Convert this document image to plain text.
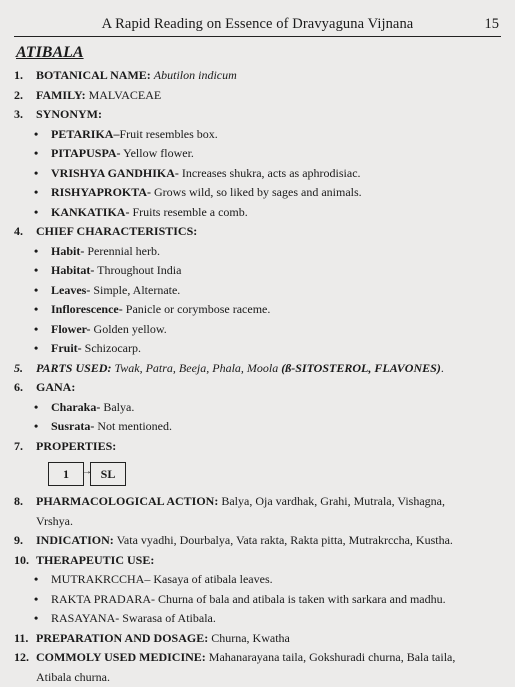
A Rapid Reading on Essence of Dravyaguna Vijnana	15
ATIBALA
1. BOTANICAL NAME: Abutilon indicum
2. FAMILY: MALVACEAE
3. SYNONYM:
• PETARIKA–Fruit resembles box.
• PITAPUSPA- Yellow flower.
• VRISHYA GANDHIKA- Increases shukra, acts as aphrodisiac.
• RISHYAPROKTA- Grows wild, so liked by sages and animals.
• KANKATIKA- Fruits resemble a comb.
4. CHIEF CHARACTERISTICS:
• Habit- Perennial herb.
• Habitat- Throughout India
• Leaves- Simple, Alternate.
• Inflorescence- Panicle or corymbose raceme.
• Flower- Golden yellow.
• Fruit- Schizocarp.
5. PARTS USED: Twak, Patra, Beeja, Phala, Moola (ß-SITOSTEROL, FLAVONES).
6. GANA:
• Charaka- Balya.
• Susrata- Not mentioned.
7. PROPERTIES:
1	→ SL
8. PHARMACOLOGICAL ACTION: Balya, Oja vardhak, Grahi, Mutrala, Vishagna,
Vrshya.
9. INDICATION: Vata vyadhi, Dourbalya, Vata rakta, Rakta pitta, Mutrakrccha, Kustha.
10. THERAPEUTIC USE:
• MUTRAKRCCHA– Kasaya of atibala leaves.
• RAKTA PRADARA- Churna of bala and atibala is taken with sarkara and madhu.
• RASAYANA- Swarasa of Atibala.
11. PREPARATION AND DOSAGE: Churna, Kwatha
12. COMMOLY USED MEDICINE: Mahanarayana taila, Gokshuradi churna, Bala taila,
Atibala churna.
